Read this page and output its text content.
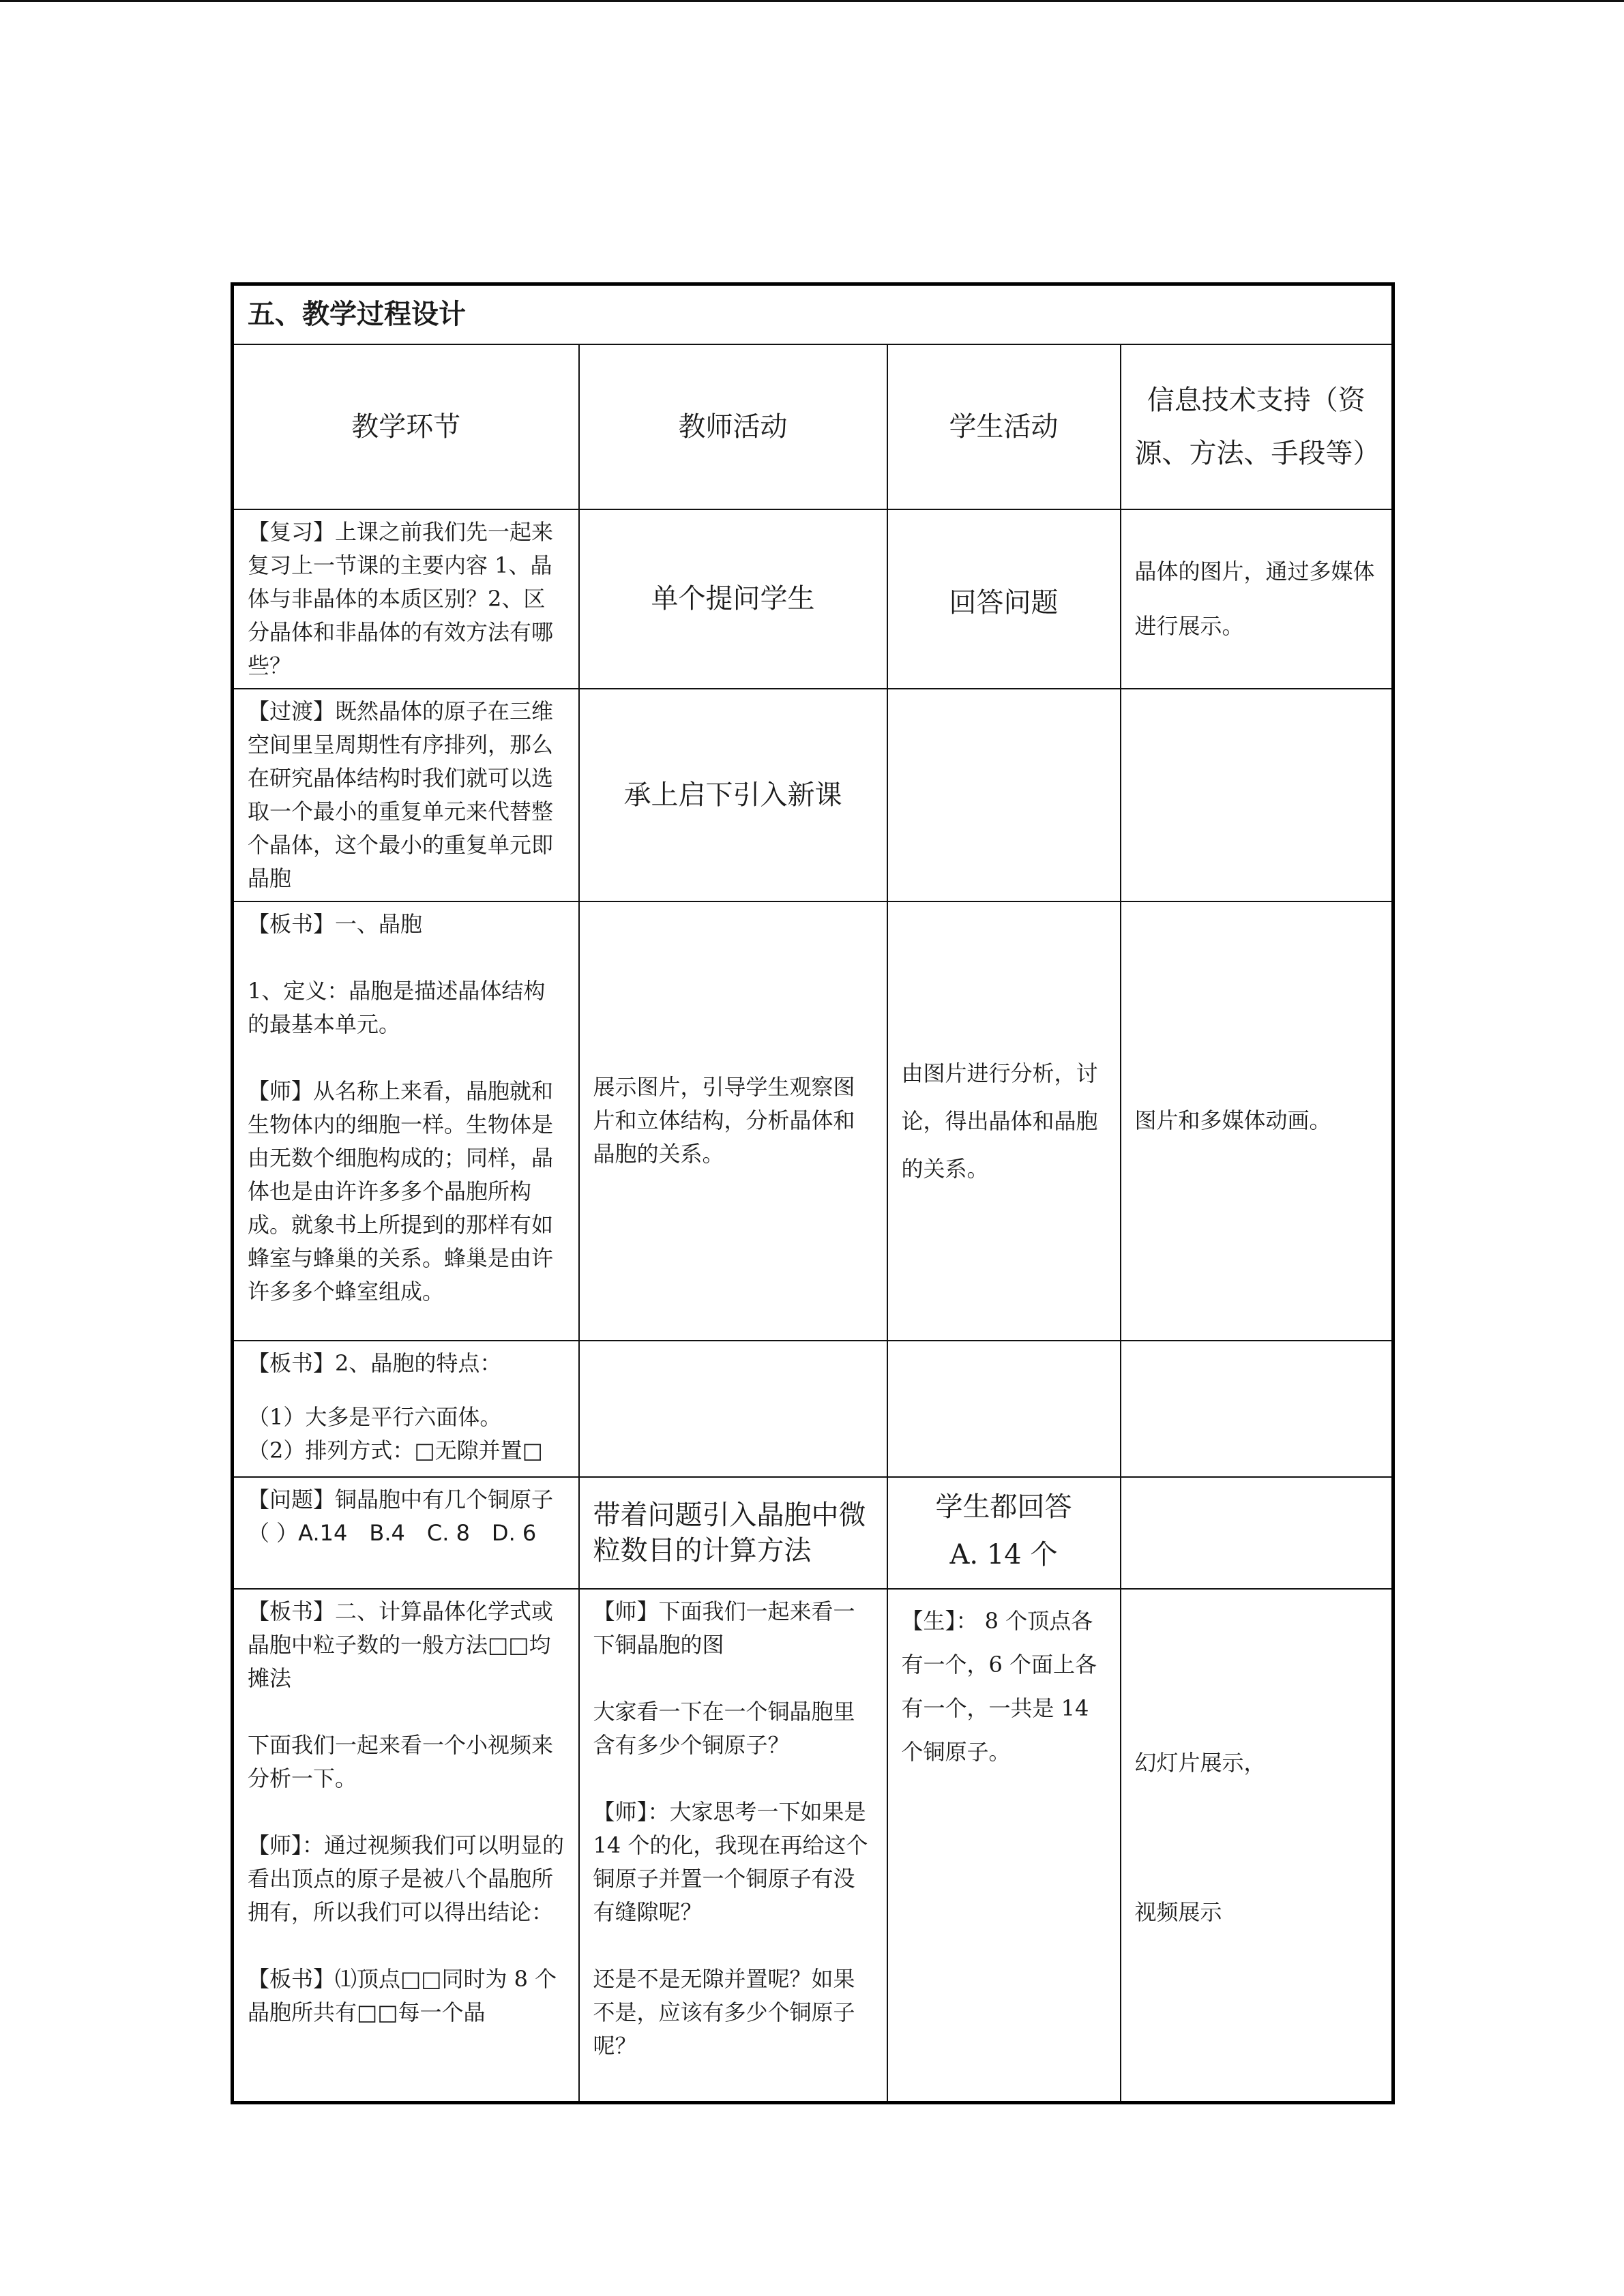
五、教学过程设计			
教学环节	教师活动	学生活动	信息技术支持（资源、方法、手段等）
【复习】上课之前我们先一起来复习上一节课的主要内容 1、晶体与非晶体的本质区别？2、区分晶体和非晶体的有效方法有哪些？	单个提问学生	回答问题	晶体的图片，通过多媒体进行展示。
【过渡】既然晶体的原子在三维空间里呈周期性有序排列，那么在研究晶体结构时我们就可以选取一个最小的重复单元来代替整个晶体，这个最小的重复单元即晶胞	承上启下引入新课		

【板书】一、晶胞
1、定义：晶胞是描述晶体结构的最基本单元。
【师】从名称上来看，晶胞就和生物体内的细胞一样。生物体是由无数个细胞构成的；同样，晶体也是由许许多多个晶胞所构成。就象书上所提到的那样有如蜂室与蜂巢的关系。蜂巢是由许许多多个蜂室组成。	展示图片，引导学生观察图片和立体结构，分析晶体和晶胞的关系。	由图片进行分析，讨论，得出晶体和晶胞的关系。	图片和多媒体动画。

【板书】2、晶胞的特点：
（1）大多是平行六面体。
（2）排列方式：□无隙并置□			

【问题】铜晶胞中有几个铜原子（ ）A.14　B.4　C. 8　D. 6	带着问题引入晶胞中微粒数目的计算方法	学生都回答
A. 14 个	

【板书】二、计算晶体化学式或晶胞中粒子数的一般方法□□均摊法
下面我们一起来看一个小视频来分析一下。
【师】：通过视频我们可以明显的看出顶点的原子是被八个晶胞所拥有，所以我们可以得出结论：
【板书】⑴顶点□□同时为 8 个晶胞所共有□□每一个晶	【师】下面我们一起来看一下铜晶胞的图
大家看一下在一个铜晶胞里含有多少个铜原子？
【师】：大家思考一下如果是 14 个的化，我现在再给这个铜原子并置一个铜原子有没有缝隙呢？
还是不是无隙并置呢？如果不是，应该有多少个铜原子呢？	【生】： 8 个顶点各有一个，6 个面上各有一个，一共是 14 个铜原子。	幻灯片展示，
视频展示
